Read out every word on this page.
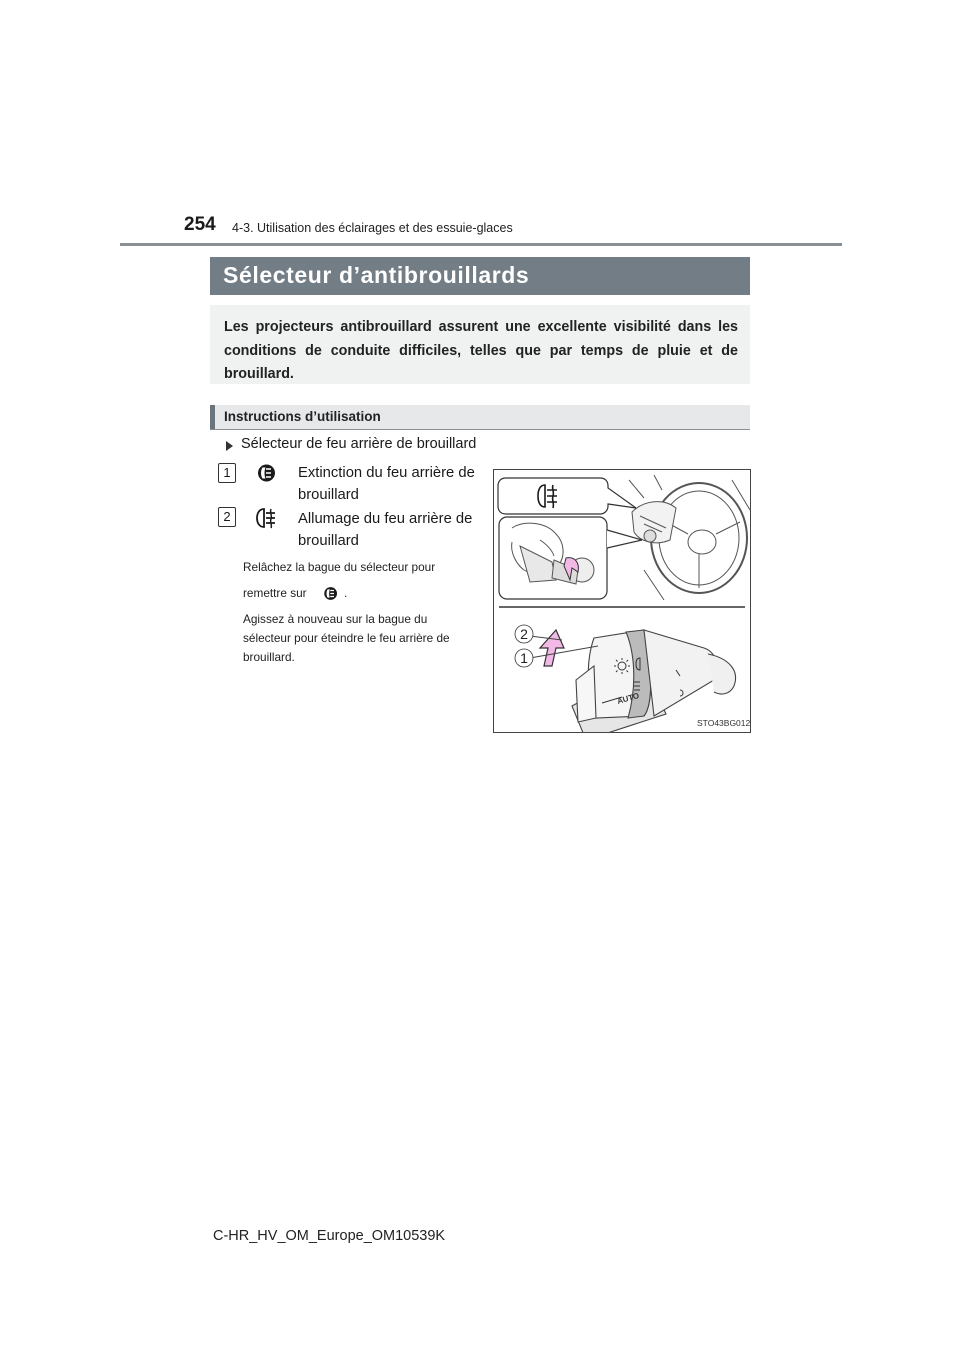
254 4-3. Utilisation des éclairages et des essuie-glaces
Sélecteur d’antibrouillards
Les projecteurs antibrouillard assurent une excellente visibilité dans les conditions de conduite difficiles, telles que par temps de pluie et de brouillard.
Instructions d’utilisation
Sélecteur de feu arrière de brouillard
1	Extinction du feu arrière de
brouillard
2	Allumage du feu arrière de
brouillard
Relâchez la bague du sélecteur pour
remettre sur	.
Agissez à nouveau sur la bague du
sélecteur pour éteindre le feu arrière de
brouillard.
AUTO
2
1
STO43BG012
C-HR_HV_OM_Europe_OM10539K
